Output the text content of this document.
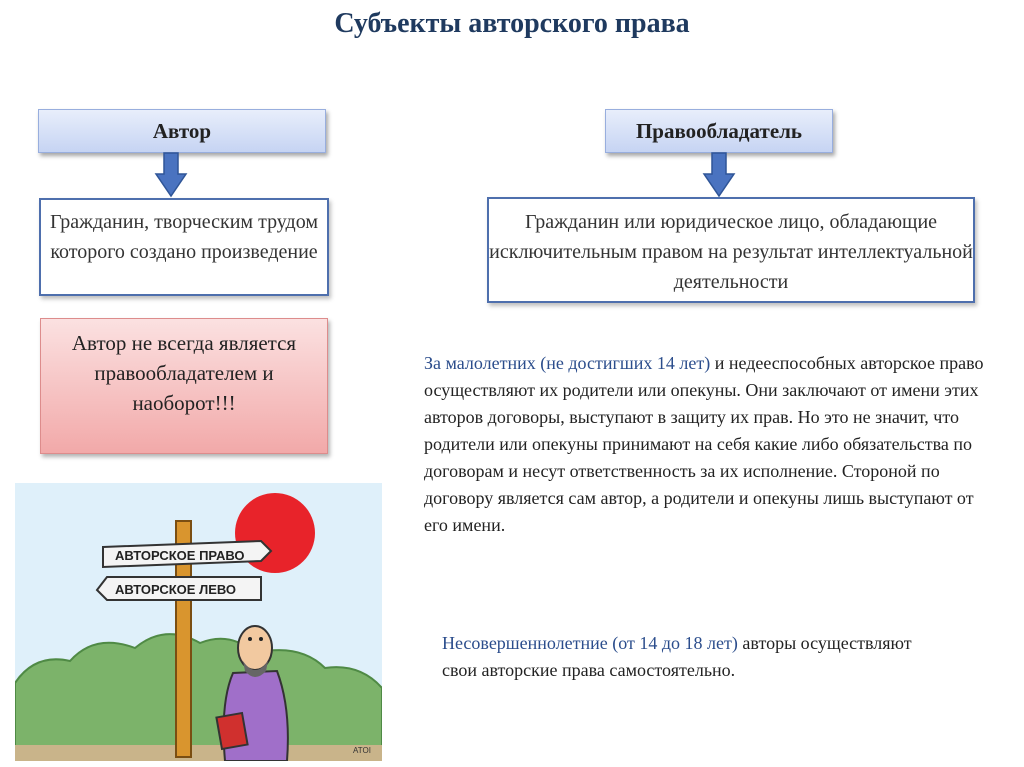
Субъекты авторского права
Автор
Гражданин, творческим трудом которого создано произведение
Правообладатель
Гражданин или юридическое лицо, обладающие исключительным правом на результат интеллектуальной деятельности
Автор не всегда является правообладателем и наоборот!!!
За малолетних (не достигших 14 лет) и недееспособных авторское право осуществляют их родители или опекуны. Они заключают от имени этих авторов договоры, выступают в защиту их прав. Но это не значит, что родители или опекуны принимают на себя какие либо обязательства по договорам и несут ответственность за их исполнение. Стороной по договору является сам автор, а родители и опекуны лишь выступают от его имени.
Несовершеннолетние (от 14 до 18 лет) авторы осуществляют свои авторские права самостоятельно.
АВТОРСКОЕ ПРАВО
АВТОРСКОЕ ЛЕВО
ATOI
